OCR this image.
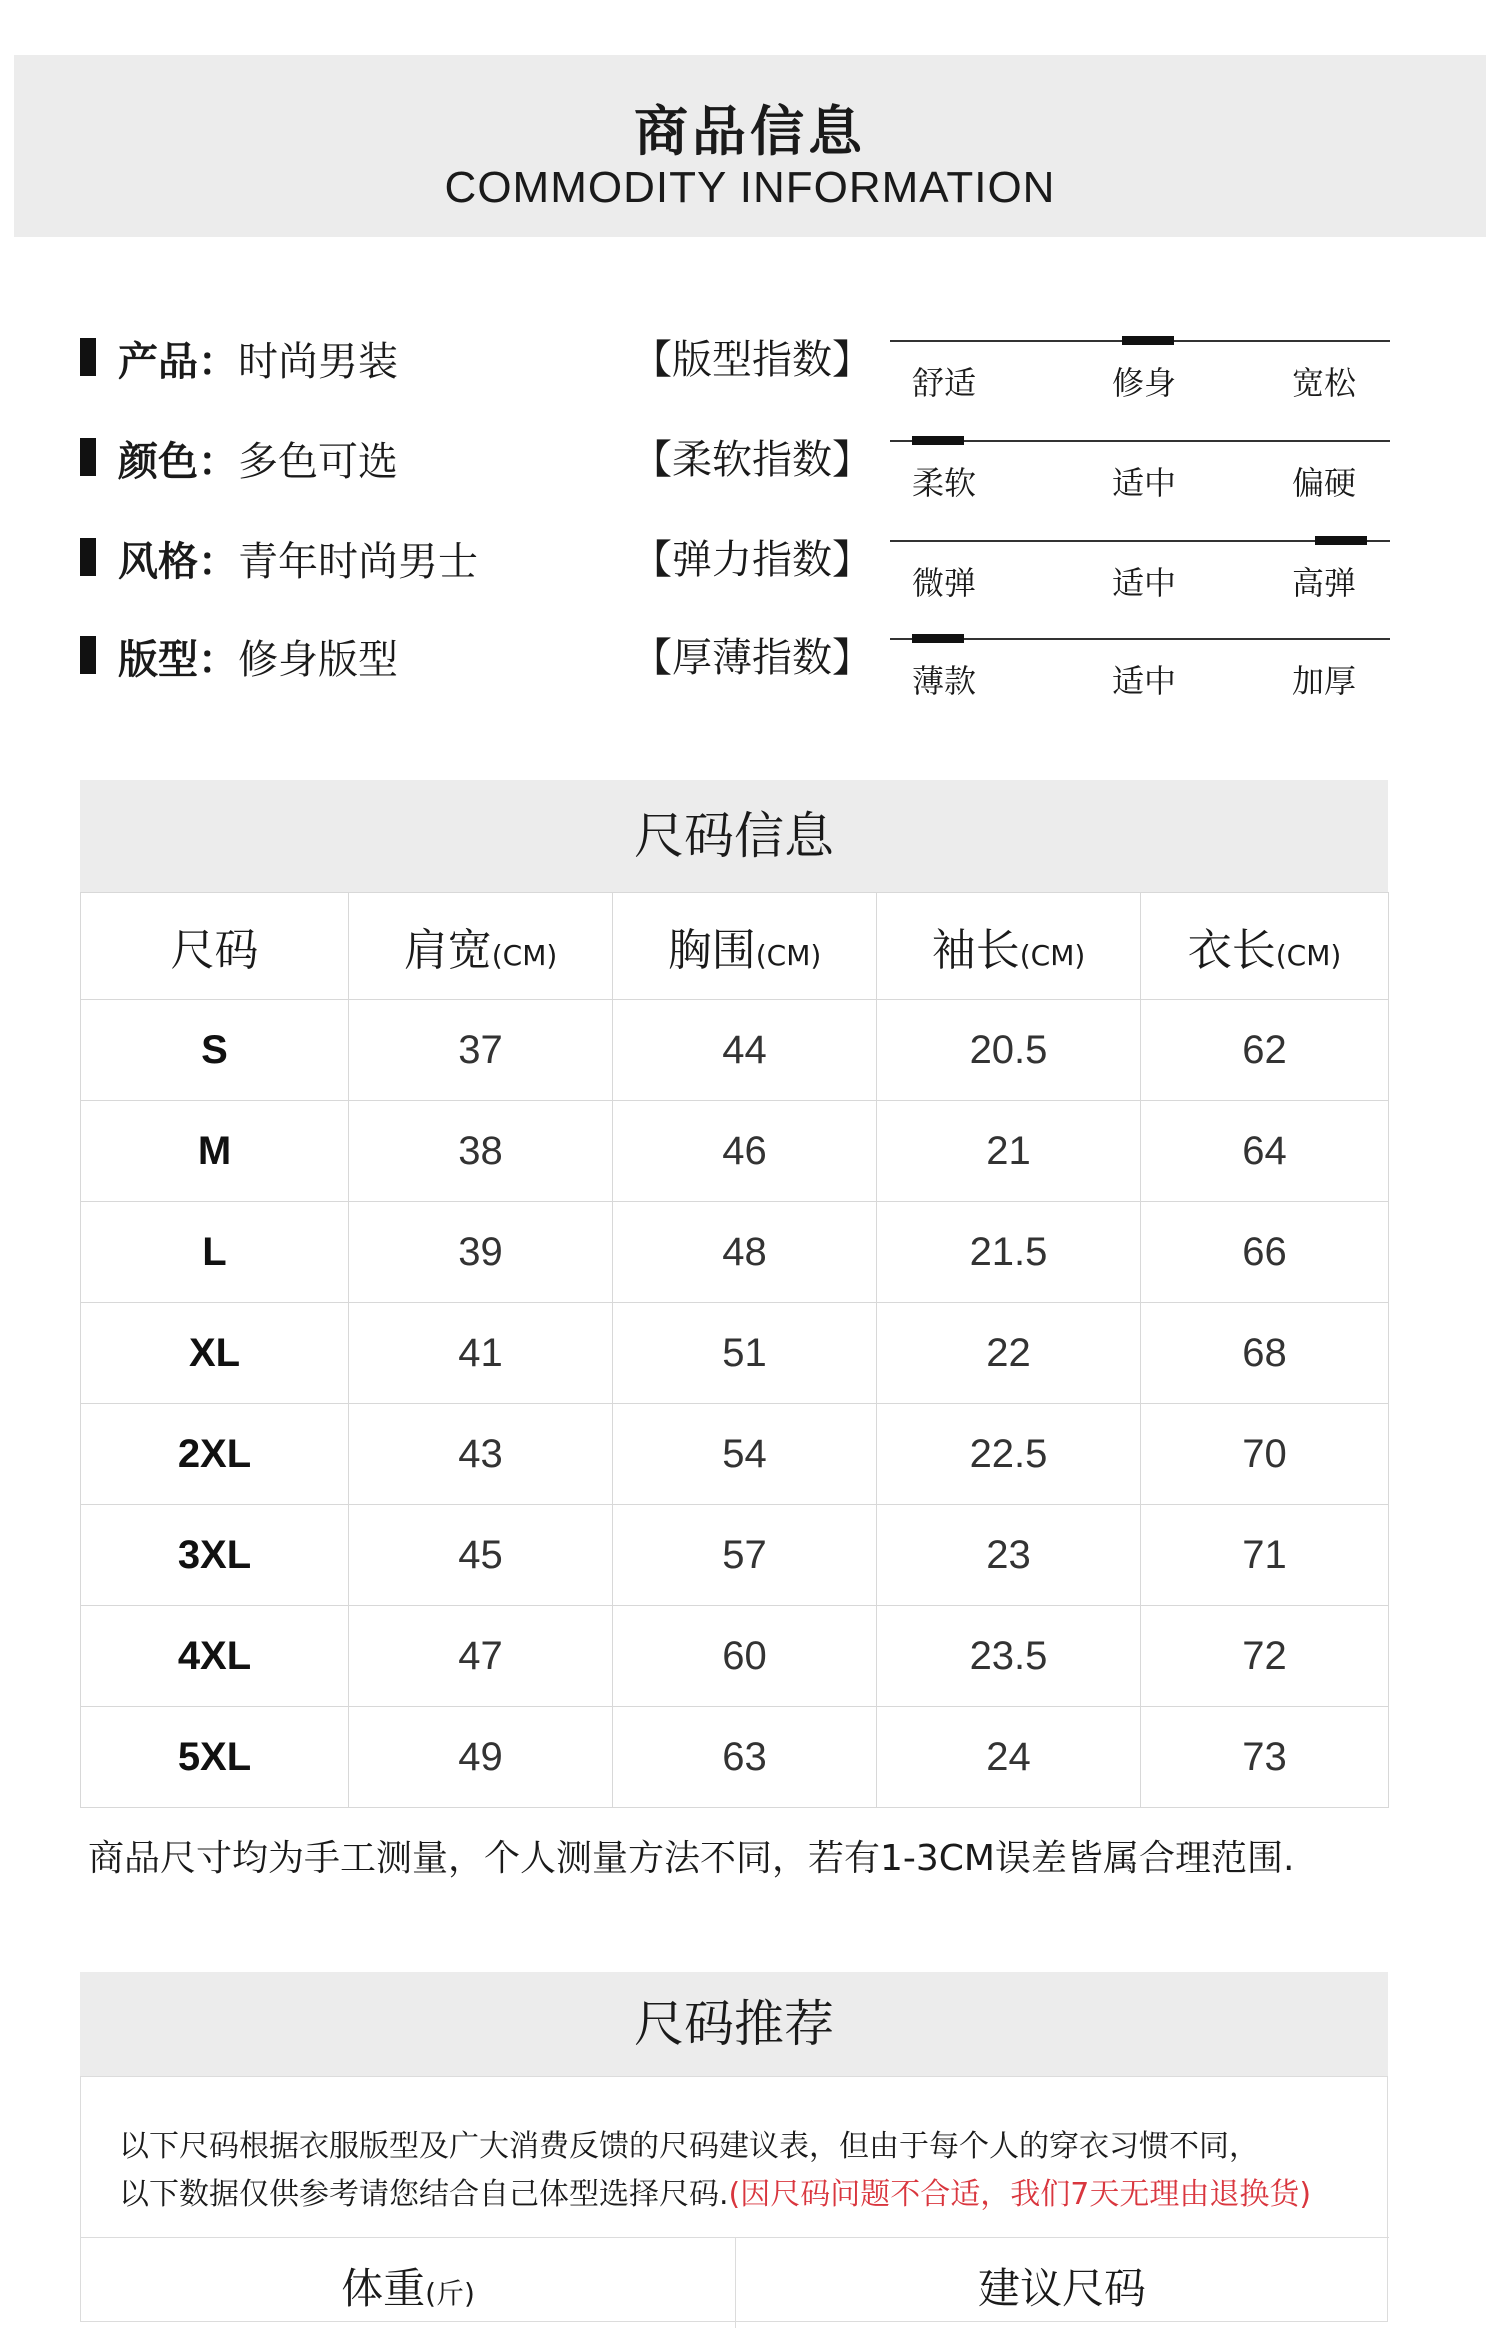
商品信息
COMMODITY INFORMATION
产品：时尚男装	【版型指数】 舒适	修身	宽松
颜色：多色可选	【柔软指数】 柔软	适中	偏硬
风格：青年时尚男士	【弹力指数】 微弹	适中	高弹
版型：修身版型	【厚薄指数】 薄款	适中	加厚
尺码信息
尺码	肩宽(CM)	胸围(CM)	袖长(CM)	衣长(CM)
S	37	44	20.5	62
M	38	46	21	64
L	39	48	21.5	66
XL	41	51	22	68
2XL	43	54	22.5	70
3XL	45	57	23	71
4XL	47	60	23.5	72
5XL	49	63	24	73
商品尺寸均为手工测量，个人测量方法不同，若有1-3CM误差皆属合理范围.
尺码推荐
以下尺码根据衣服版型及广大消费反馈的尺码建议表，但由于每个人的穿衣习惯不同，
以下数据仅供参考请您结合自己体型选择尺码.(因尺码问题不合适，我们7天无理由退换货)
体重(斤)	建议尺码
